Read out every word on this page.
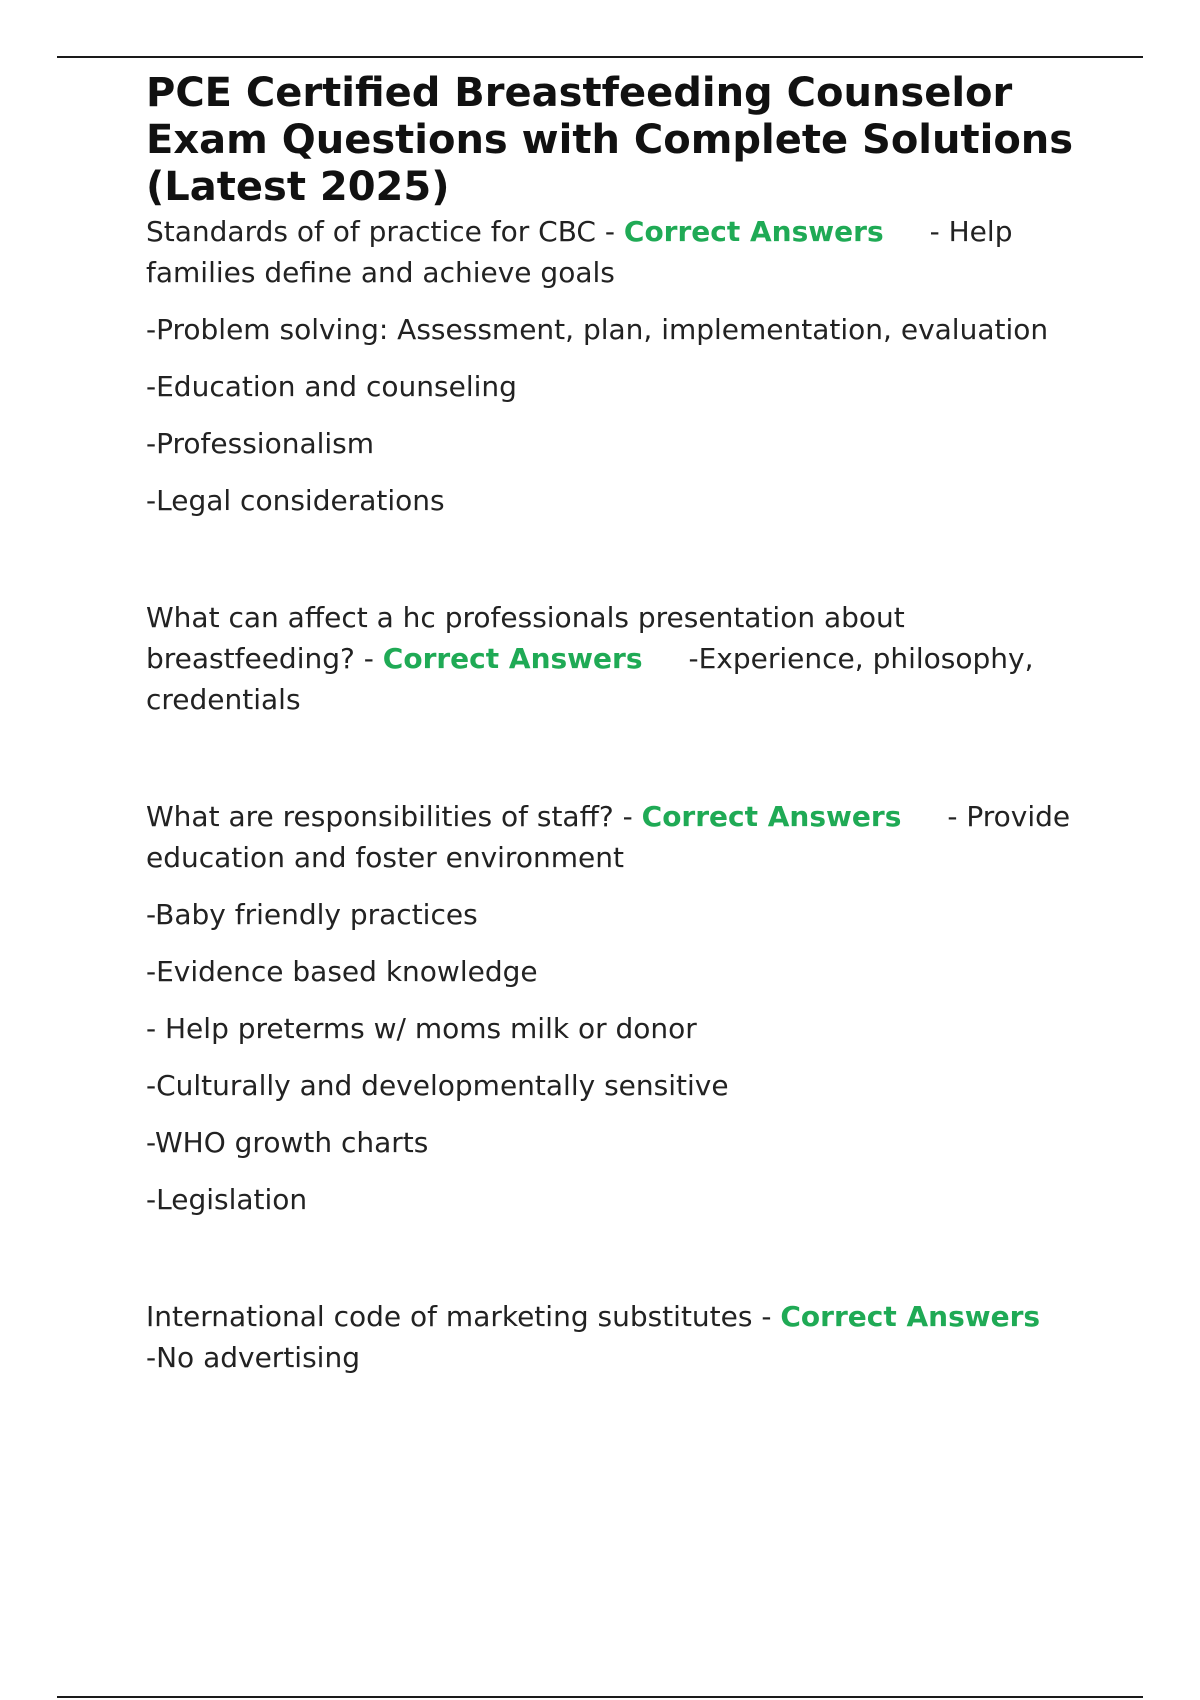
PCE Certified Breastfeeding Counselor Exam Questions with Complete Solutions (Latest 2025)

Standards of of practice for CBC - Correct Answers - Help families define and achieve goals

-Problem solving: Assessment, plan, implementation, evaluation

-Education and counseling

-Professionalism

-Legal considerations

What can affect a hc professionals presentation about breastfeeding? - Correct Answers -Experience, philosophy, credentials

What are responsibilities of staff? - Correct Answers - Provide education and foster environment

-Baby friendly practices

-Evidence based knowledge

- Help preterms w/ moms milk or donor

-Culturally and developmentally sensitive

-WHO growth charts

-Legislation

International code of marketing substitutes - Correct Answers-No advertising
